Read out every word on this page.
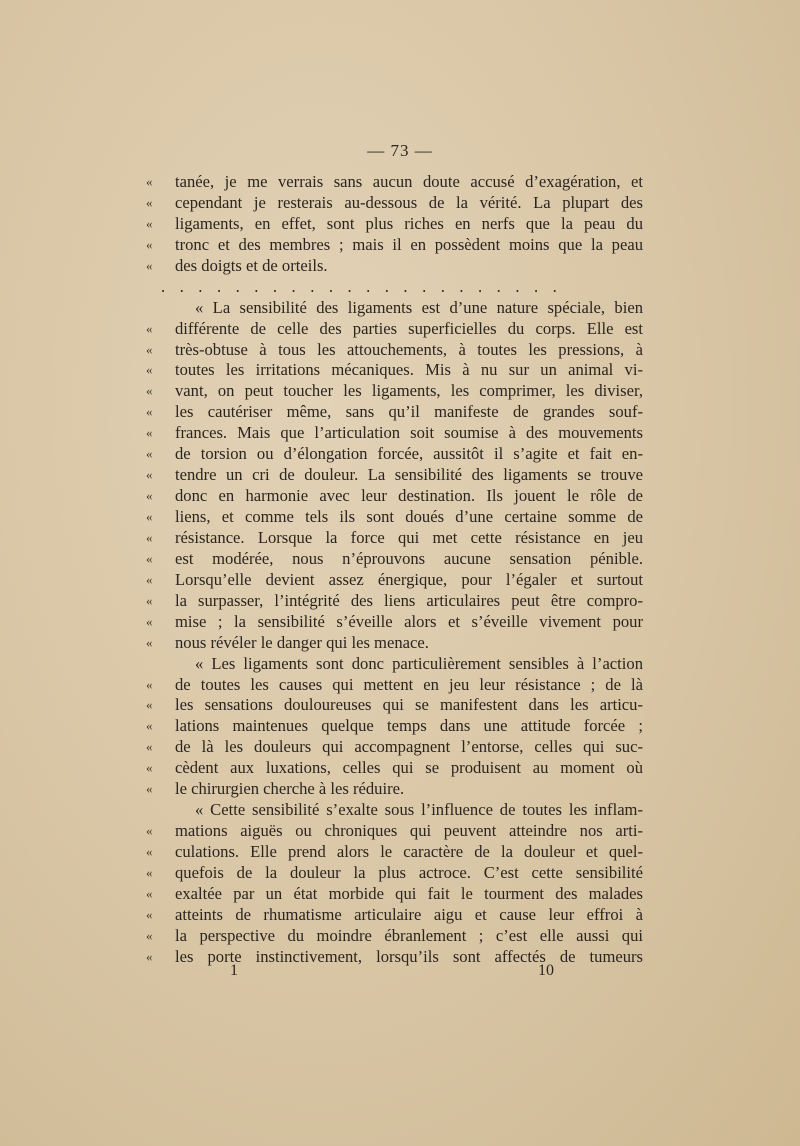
— 73 —
«	tanée, je me verrais sans aucun doute accusé d’exagération, et
«	cependant je resterais au-dessous de la vérité. La plupart des
«	ligaments, en effet, sont plus riches en nerfs que la peau du
«	tronc et des membres ; mais il en possèdent moins que la peau
«	des doigts et de orteils.
......................
« La sensibilité des ligaments est d’une nature spéciale, bien
«	différente de celle des parties superficielles du corps. Elle est
«	très-obtuse à tous les attouchements, à toutes les pressions, à
«	toutes les irritations mécaniques. Mis à nu sur un animal vi-
«	vant, on peut toucher les ligaments, les comprimer, les diviser,
«	les cautériser même, sans qu’il manifeste de grandes souf-
«	frances. Mais que l’articulation soit soumise à des mouvements
«	de torsion ou d’élongation forcée, aussitôt il s’agite et fait en-
«	tendre un cri de douleur. La sensibilité des ligaments se trouve
«	donc en harmonie avec leur destination. Ils jouent le rôle de
«	liens, et comme tels ils sont doués d’une certaine somme de
«	résistance. Lorsque la force qui met cette résistance en jeu
«	est modérée, nous n’éprouvons aucune sensation pénible.
«	Lorsqu’elle devient assez énergique, pour l’égaler et surtout
«	la surpasser, l’intégrité des liens articulaires peut être compro-
«	mise ; la sensibilité s’éveille alors et s’éveille vivement pour
«	nous révéler le danger qui les menace.
« Les ligaments sont donc particulièrement sensibles à l’action
«	de toutes les causes qui mettent en jeu leur résistance ; de là
«	les sensations douloureuses qui se manifestent dans les articu-
«	lations maintenues quelque temps dans une attitude forcée ;
«	de là les douleurs qui accompagnent l’entorse, celles qui suc-
«	cèdent aux luxations, celles qui se produisent au moment où
«	le chirurgien cherche à les réduire.
« Cette sensibilité s’exalte sous l’influence de toutes les inflam-
«	mations aiguës ou chroniques qui peuvent atteindre nos arti-
«	culations. Elle prend alors le caractère de la douleur et quel-
«	quefois de la douleur la plus actroce. C’est cette sensibilité
«	exaltée par un état morbide qui fait le tourment des malades
«	atteints de rhumatisme articulaire aigu et cause leur effroi à
«	la perspective du moindre ébranlement ; c’est elle aussi qui
«	les porte instinctivement, lorsqu’ils sont affectés de tumeurs
1	10
